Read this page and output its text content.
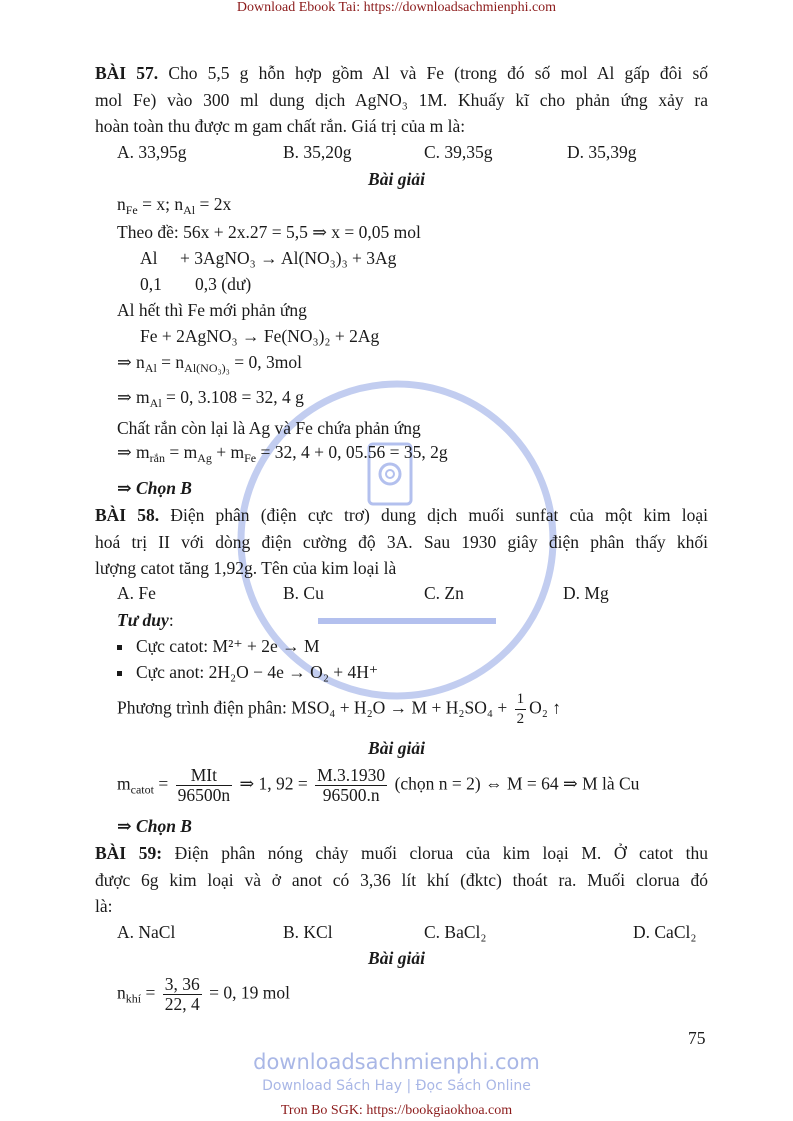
Download Ebook Tai: https://downloadsachmienphi.com
BÀI 57. Cho 5,5 g hỗn hợp gồm Al và Fe (trong đó số mol Al gấp đôi số
mol Fe) vào 300 ml dung dịch AgNO₃ 1M. Khuấy kĩ cho phản ứng xảy ra
hoàn toàn thu được m gam chất rắn. Giá trị của m là:
A. 33,95g	B. 35,20g	C. 39,35g	D. 35,39g
Bài giải
$n_{Fe} = x$; $n_{Al} = 2x$
Theo đề: 56x + 2x.27 = 5,5 ⇒ x = 0,05 mol
Al + 3AgNO₃ → Al(NO₃)₃ + 3Ag
0,1 0,3 (dư)
Al hết thì Fe mới phản ứng
Fe + 2AgNO₃ → Fe(NO₃)₂ + 2Ag
⇒ $n_{Al} = n_{Al(NO_3)_3} = 0$, 3mol
⇒ $m_{Al} = 0$, 3.108 = 32, 4 g
Chất rắn còn lại là Ag và Fe chứa phản ứng
⇒ $m_{rắn} = m_{Ag} + m_{Fe} = 32$, 4 + 0, 05.56 = 35, 2g
⇒ Chọn B
BÀI 58. Điện phân (điện cực trơ) dung dịch muối sunfat của một kim loại
hoá trị II với dòng điện cường độ 3A. Sau 1930 giây điện phân thấy khối
lượng catot tăng 1,92g. Tên của kim loại là
A. Fe	B. Cu	C. Zn	D. Mg
Tư duy:
Cực catot: M²⁺ + 2e → M
Cực anot: 2H₂O − 4e → O₂ + 4H⁺
Phương trình điện phân: $MSO_4 + H_2O \to M + H_2SO_4 + \frac{1}{2} O_2$ ↑
Bài giải
$m_{catot} = \frac{\text{MIt}}{96500n}$ ⇒ 1, $92 = \frac{M.3.1930}{96500.n}$ (chọn n = 2) ⇔ M = 64 ⇒ M là Cu
⇒ Chọn B
BÀI 59: Điện phân nóng chảy muối clorua của kim loại M. Ở catot thu
được 6g kim loại và ở anot có 3,36 lít khí (đktc) thoát ra. Muối clorua đó
là:
A. NaCl	B. KCl	C. BaCl₂	D. CaCl₂
Bài giải
$n_{khí} = \frac{3, 36}{22, 4} = 0$, 19 mol
75
downloadsachmienphi.com
Download Sách Hay | Đọc Sách Online
Tron Bo SGK: https://bookgiaokhoa.com
